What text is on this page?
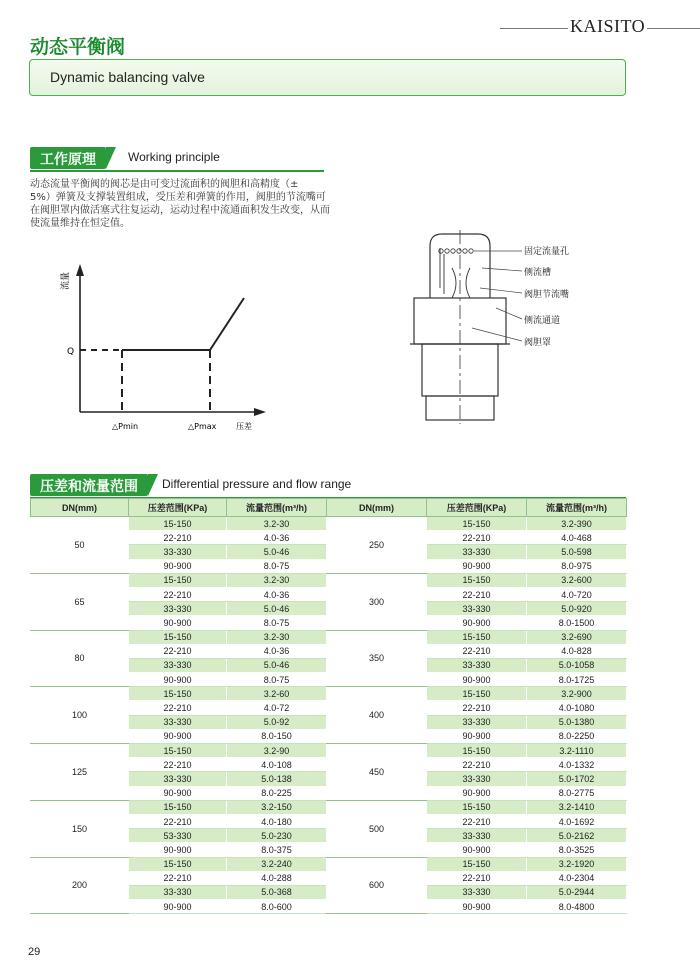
KAISITO
动态平衡阀
Dynamic balancing valve
工作原理	Working principle
动态流量平衡阀的阀芯是由可变过流面积的阀胆和高精度（±
5%）弹簧及支撑装置组成，受压差和弹簧的作用，阀胆的节流嘴可
在阀胆罩内做活塞式往复运动，运动过程中流通面积发生改变，从而
使流量维持在恒定值。
流量
Q
△Pmin	△Pmax 压差
固定流量孔
侧流槽
阀胆节流嘴
侧流通道
阀胆罩
压差和流量范围	Differential pressure and flow range
DN(mm)	压差范围(KPa)	流量范围(m³/h)	DN(mm)	压差范围(KPa)	流量范围(m³/h)
50	15-150	3.2-30	250	15-150	3.2-390
	22-210	4.0-36		22-210	4.0-468
	33-330	5.0-46		33-330	5.0-598
	90-900	8.0-75		90-900	8.0-975
65	15-150	3.2-30	300	15-150	3.2-600
	22-210	4.0-36		22-210	4.0-720
	33-330	5.0-46		33-330	5.0-920
	90-900	8.0-75		90-900	8.0-1500
80	15-150	3.2-30	350	15-150	3.2-690
	22-210	4.0-36		22-210	4.0-828
	33-330	5.0-46		33-330	5.0-1058
	90-900	8.0-75		90-900	8.0-1725
100	15-150	3.2-60	400	15-150	3.2-900
	22-210	4.0-72		22-210	4.0-1080
	33-330	5.0-92		33-330	5.0-1380
	90-900	8.0-150		90-900	8.0-2250
125	15-150	3.2-90	450	15-150	3.2-1110
	22-210	4.0-108		22-210	4.0-1332
	33-330	5.0-138		33-330	5.0-1702
	90-900	8.0-225		90-900	8.0-2775
150	15-150	3.2-150	500	15-150	3.2-1410
	22-210	4.0-180		22-210	4.0-1692
	53-330	5.0-230		33-330	5.0-2162
	90-900	8.0-375		90-900	8.0-3525
200	15-150	3.2-240	600	15-150	3.2-1920
	22-210	4.0-288		22-210	4.0-2304
	33-330	5.0-368		33-330	5.0-2944
	90-900	8.0-600		90-900	8.0-4800
29
